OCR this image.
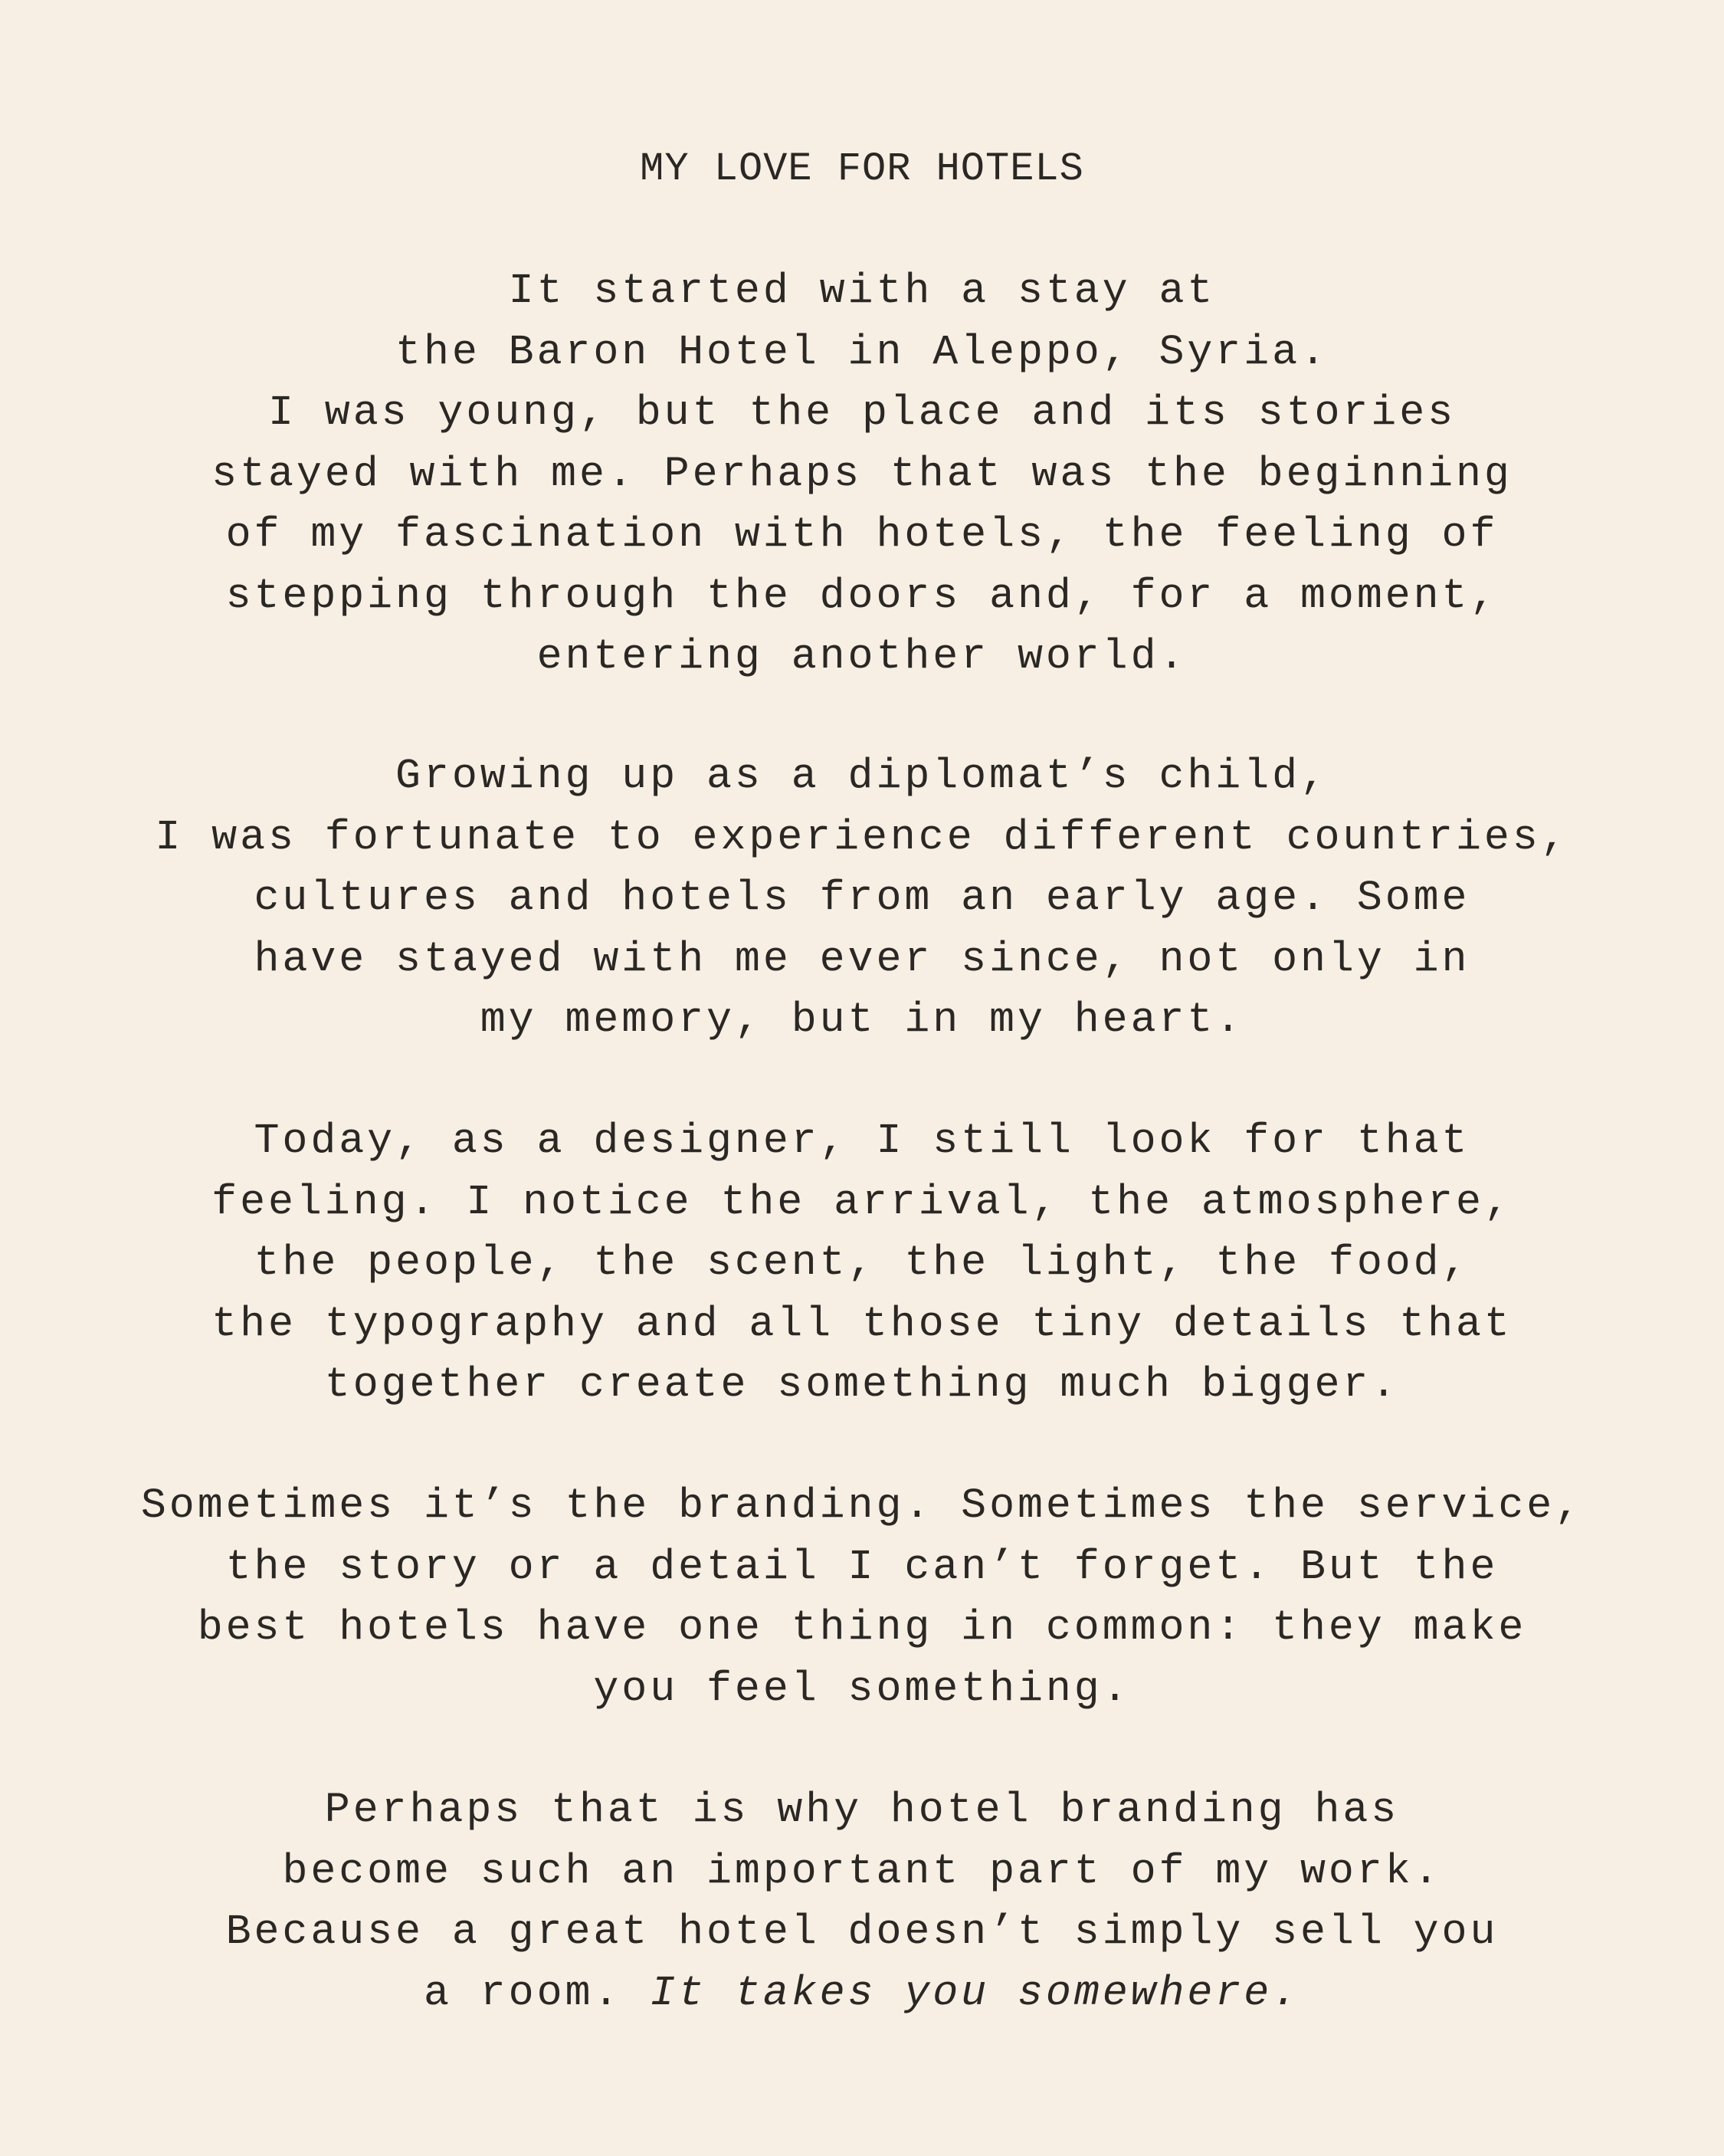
MY LOVE FOR HOTELS

It started with a stay at
the Baron Hotel in Aleppo, Syria.
I was young, but the place and its stories
stayed with me. Perhaps that was the beginning
of my fascination with hotels, the feeling of
stepping through the doors and, for a moment,
entering another world.

Growing up as a diplomat’s child,
I was fortunate to experience different countries,
cultures and hotels from an early age. Some
have stayed with me ever since, not only in
my memory, but in my heart.

Today, as a designer, I still look for that
feeling. I notice the arrival, the atmosphere,
the people, the scent, the light, the food,
the typography and all those tiny details that
together create something much bigger.

Sometimes it’s the branding. Sometimes the service,
the story or a detail I can’t forget. But the
best hotels have one thing in common: they make
you feel something.

Perhaps that is why hotel branding has
become such an important part of my work.
Because a great hotel doesn’t simply sell you
a room. It takes you somewhere.
